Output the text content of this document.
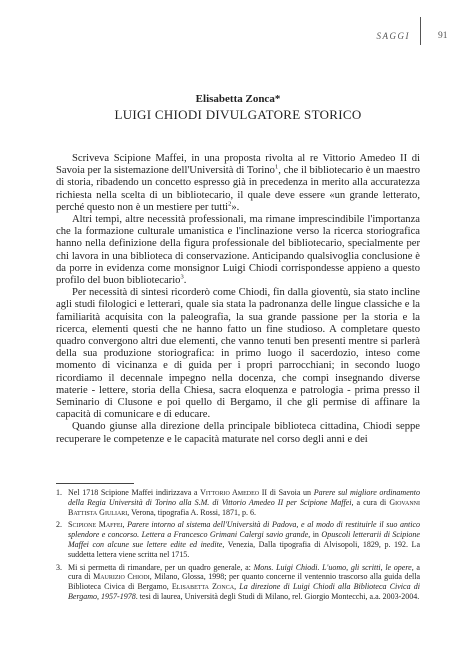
SAGGI	91
Elisabetta Zonca*
LUIGI CHIODI DIVULGATORE STORICO

Scriveva Scipione Maffei, in una proposta rivolta al re Vittorio Amedeo II di Savoia per la sistemazione dell'Università di Torino$^1$, che il bibliotecario è un maestro di storia, ribadendo un concetto espresso già in precedenza in merito alla accuratezza richiesta nella scelta di un bibliotecario, il quale deve essere «un grande letterato, perché questo non è un mestiere per tutti$^2$».

Altri tempi, altre necessità professionali, ma rimane imprescindibile l'importanza che la formazione culturale umanistica e l'inclinazione verso la ricerca storiografica hanno nella definizione della figura professionale del bibliotecario, specialmente per chi lavora in una biblioteca di conservazione. Anticipando qualsivoglia conclusione è da porre in evidenza come monsignor Luigi Chiodi corrispondesse appieno a questo profilo del buon bibliotecario$^3$.

Per necessità di sintesi ricorderò come Chiodi, fin dalla gioventù, sia stato incline agli studi filologici e letterari, quale sia stata la padronanza delle lingue classiche e la familiarità acquisita con la paleografia, la sua grande passione per la storia e la ricerca, elementi questi che ne hanno fatto un fine studioso. A completare questo quadro convergono altri due elementi, che vanno tenuti ben presenti mentre si parlerà della sua produzione storiografica: in primo luogo il sacerdozio, inteso come momento di vicinanza e di guida per i propri parrocchiani; in secondo luogo ricordiamo il decennale impegno nella docenza, che compì insegnando diverse materie - lettere, storia della Chiesa, sacra eloquenza e patrologia - prima presso il Seminario di Clusone e poi quello di Bergamo, il che gli permise di affinare la capacità di comunicare e di educare.

Quando giunse alla direzione della principale biblioteca cittadina, Chiodi seppe recuperare le competenze e le capacità maturate nel corso degli anni e dei

1. Nel 1718 Scipione Maffei indirizzava a Vittorio Amedeo II di Savoia un Parere sul migliore ordinamento della Regia Università di Torino alla S.M. di Vittorio Amedeo II per Scipione Maffei, a cura di Giovanni Battista Giuliari, Verona, tipografia A. Rossi, 1871, p. 6.
2. Scipione Maffei, Parere intorno al sistema dell'Università di Padova, e al modo di restituirle il suo antico splendore e concorso. Lettera a Francesco Grimani Calergi savio grande, in Opuscoli letterarii di Scipione Maffei con alcune sue lettere edite ed inedite, Venezia, Dalla tipografia di Alvisopoli, 1829, p. 192. La suddetta lettera viene scritta nel 1715.
3. Mi si permetta di rimandare, per un quadro generale, a: Mons. Luigi Chiodi. L'uomo, gli scritti, le opere, a cura di Maurizio Chiodi, Milano, Glossa, 1998; per quanto concerne il ventennio trascorso alla guida della Biblioteca Civica di Bergamo, Elisabetta Zonca, La direzione di Luigi Chiodi alla Biblioteca Civica di Bergamo, 1957-1978. tesi di laurea, Università degli Studi di Milano, rel. Giorgio Montecchi, a.a. 2003-2004.
